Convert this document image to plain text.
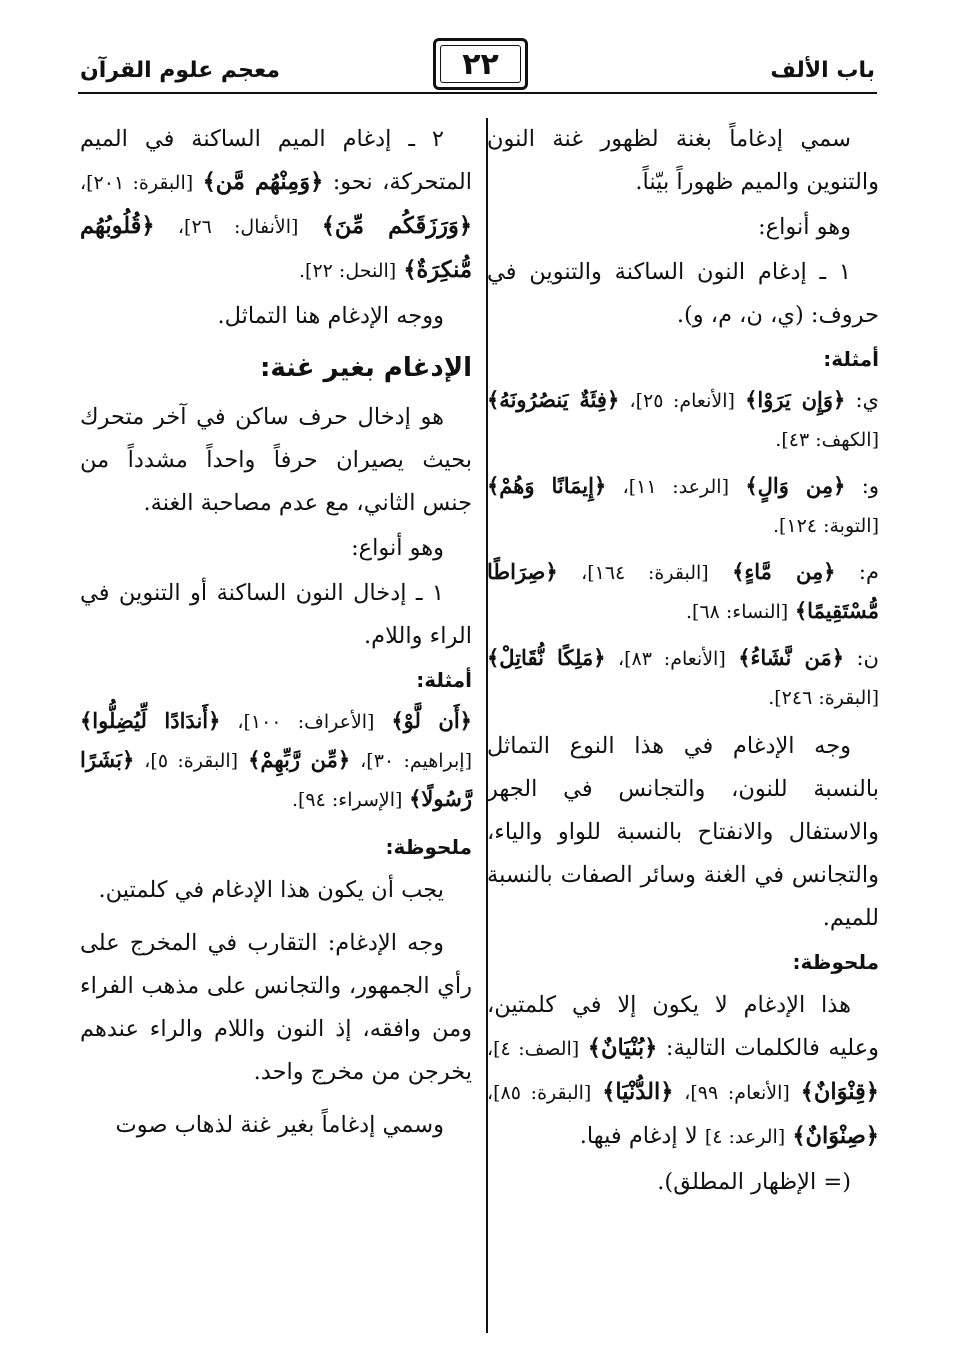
باب الألف
٢٢
معجم علوم القرآن

سمي إدغاماً بغنة لظهور غنة النون والتنوين والميم ظهوراً بيّناً.

وهو أنواع:

١ ـ إدغام النون الساكنة والتنوين في حروف: (ي، ن، م، و).

أمثلة:

ي: ﴿وَإِن يَرَوْا﴾ [الأنعام: ٢٥]، ﴿فِئَةٌ يَنصُرُونَهُ﴾ [الكهف: ٤٣].

و: ﴿مِن وَالٍ﴾ [الرعد: ١١]، ﴿إِيمَانًا وَهُمْ﴾ [التوبة: ١٢٤].

م: ﴿مِن مَّاءٍ﴾ [البقرة: ١٦٤]، ﴿صِرَاطًا مُّسْتَقِيمًا﴾ [النساء: ٦٨].

ن: ﴿مَن نَّشَاءُ﴾ [الأنعام: ٨٣]، ﴿مَلِكًا نُّقَاتِلْ﴾ [البقرة: ٢٤٦].

وجه الإدغام في هذا النوع التماثل بالنسبة للنون، والتجانس في الجهر والاستفال والانفتاح بالنسبة للواو والياء، والتجانس في الغنة وسائر الصفات بالنسبة للميم.

ملحوظة:

هذا الإدغام لا يكون إلا في كلمتين، وعليه فالكلمات التالية: ﴿بُنْيَانٌ﴾ [الصف: ٤]، ﴿قِنْوَانٌ﴾ [الأنعام: ٩٩]، ﴿الدُّنْيَا﴾ [البقرة: ٨٥]، ﴿صِنْوَانٌ﴾ [الرعد: ٤] لا إدغام فيها.

(= الإظهار المطلق).

٢ ـ إدغام الميم الساكنة في الميم المتحركة، نحو: ﴿وَمِنْهُم مَّن﴾ [البقرة: ٢٠١]، ﴿وَرَزَقَكُم مِّنَ﴾ [الأنفال: ٢٦]، ﴿قُلُوبُهُم مُّنكِرَةٌ﴾ [النحل: ٢٢].

ووجه الإدغام هنا التماثل.

الإدغام بغير غنة:

هو إدخال حرف ساكن في آخر متحرك بحيث يصيران حرفاً واحداً مشدداً من جنس الثاني، مع عدم مصاحبة الغنة.

وهو أنواع:

١ ـ إدخال النون الساكنة أو التنوين في الراء واللام.

أمثلة:

﴿أَن لَّوْ﴾ [الأعراف: ١٠٠]، ﴿أَندَادًا لِّيُضِلُّوا﴾ [إبراهيم: ٣٠]، ﴿مِّن رَّبِّهِمْ﴾ [البقرة: ٥]، ﴿بَشَرًا رَّسُولًا﴾ [الإسراء: ٩٤].

ملحوظة:

يجب أن يكون هذا الإدغام في كلمتين.

وجه الإدغام: التقارب في المخرج على رأي الجمهور، والتجانس على مذهب الفراء ومن وافقه، إذ النون واللام والراء عندهم يخرجن من مخرج واحد.

وسمي إدغاماً بغير غنة لذهاب صوت
